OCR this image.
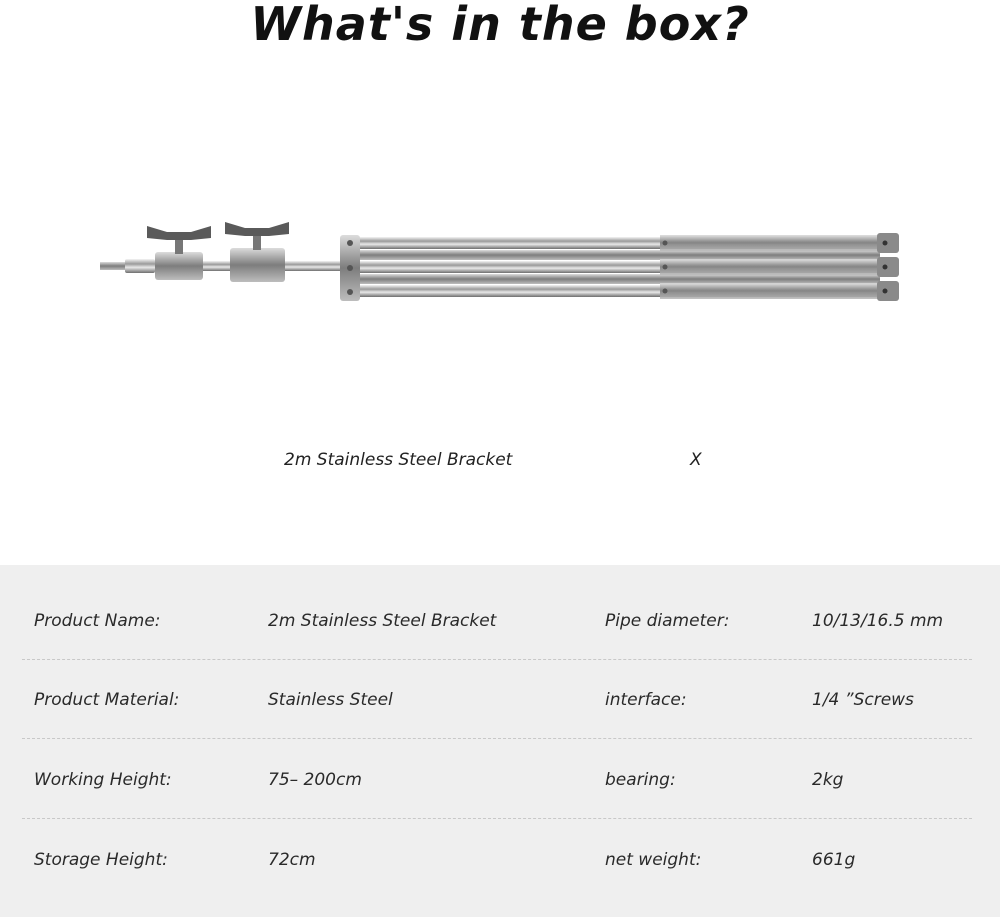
What's in the box?
2m Stainless Steel Bracket	X
Product Name:	2m Stainless Steel Bracket	Pipe diameter:	10/13/16.5 mm
Product Material:	Stainless Steel	interface:	1/4 ”Screws
Working Height:	75– 200cm	bearing:	2kg
Storage Height:	72cm	net weight:	661g
